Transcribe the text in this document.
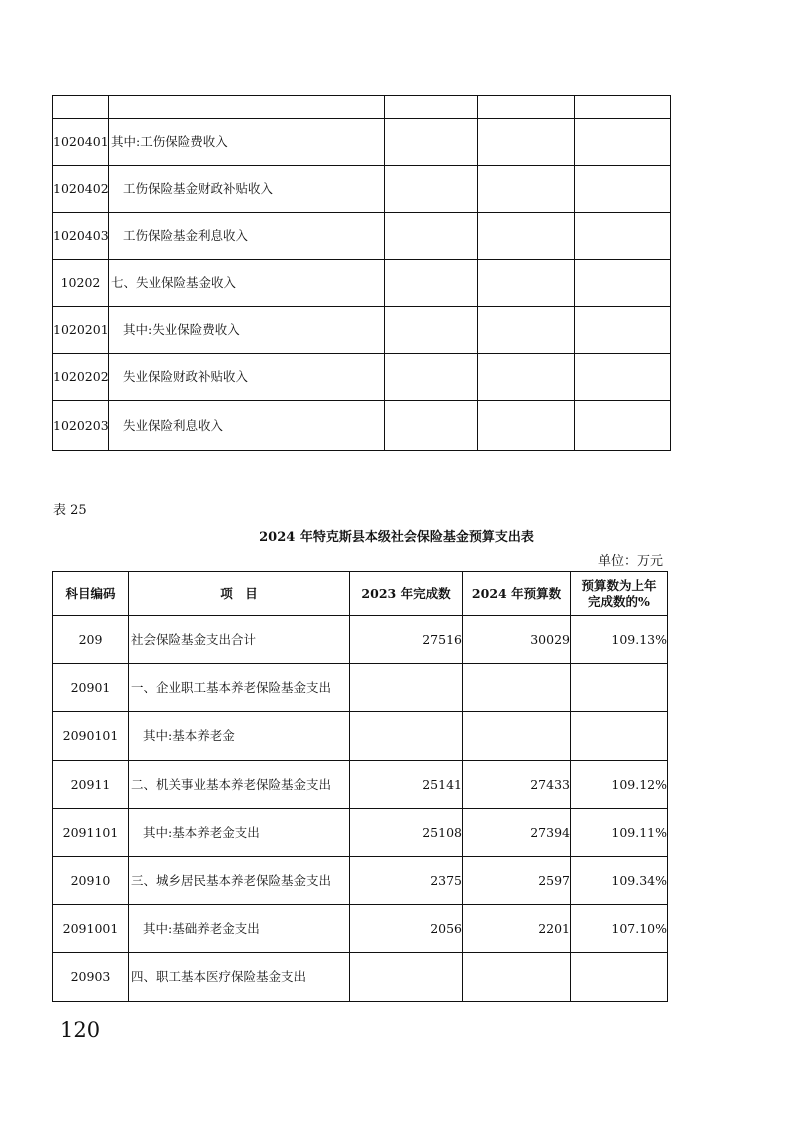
1020401	其中:工伤保险费收入			
1020402	工伤保险基金财政补贴收入			
1020403	工伤保险基金利息收入			
10202	七、失业保险基金收入			
1020201	其中:失业保险费收入			
1020202	失业保险财政补贴收入			
1020203	失业保险利息收入			
表 25
2024 年特克斯县本级社会保险基金预算支出表
单位：万元
科目编码	项　目	2023 年完成数	2024 年预算数	预算数为上年
完成数的%

209	社会保险基金支出合计	27516	30029	109.13%
20901	一、企业职工基本养老保险基金支出			
2090101	其中:基本养老金			
20911	二、机关事业基本养老保险基金支出	25141	27433	109.12%
2091101	其中:基本养老金支出	25108	27394	109.11%
20910	三、城乡居民基本养老保险基金支出	2375	2597	109.34%
2091001	其中:基础养老金支出	2056	2201	107.10%
20903	四、职工基本医疗保险基金支出			
120
